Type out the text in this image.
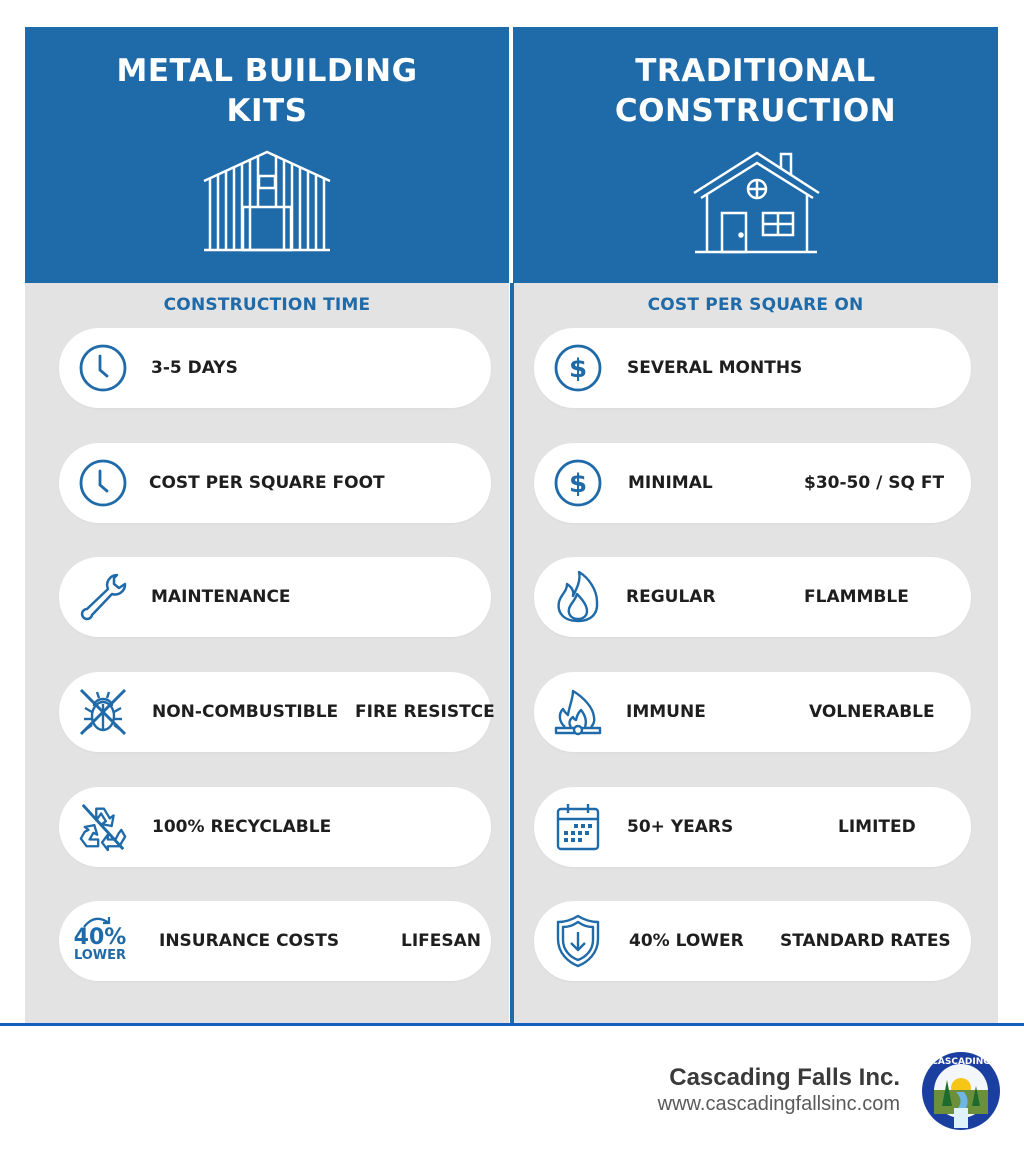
METAL BUILDING
KITS
CONSTRUCTION TIME
3-5 DAYS
COST PER SQUARE FOOT
MAINTENANCE
NON-COMBUSTIBLE FIRE RESISTCE
100% RECYCLABLE
40%
LOWER
INSURANCE COSTS	LIFESAN
TRADITIONAL
CONSTRUCTION
COST PER SQUARE ON
$ SEVERAL MONTHS
$ MINIMAL	$30-50 / SQ FT
REGULAR	FLAMMBLE
IMMUNE	VOLNERABLE
50+ YEARS	LIMITED
40% LOWER STANDARD RATES
Cascading Falls Inc.
www.cascadingfallsinc.com
CASCADING
